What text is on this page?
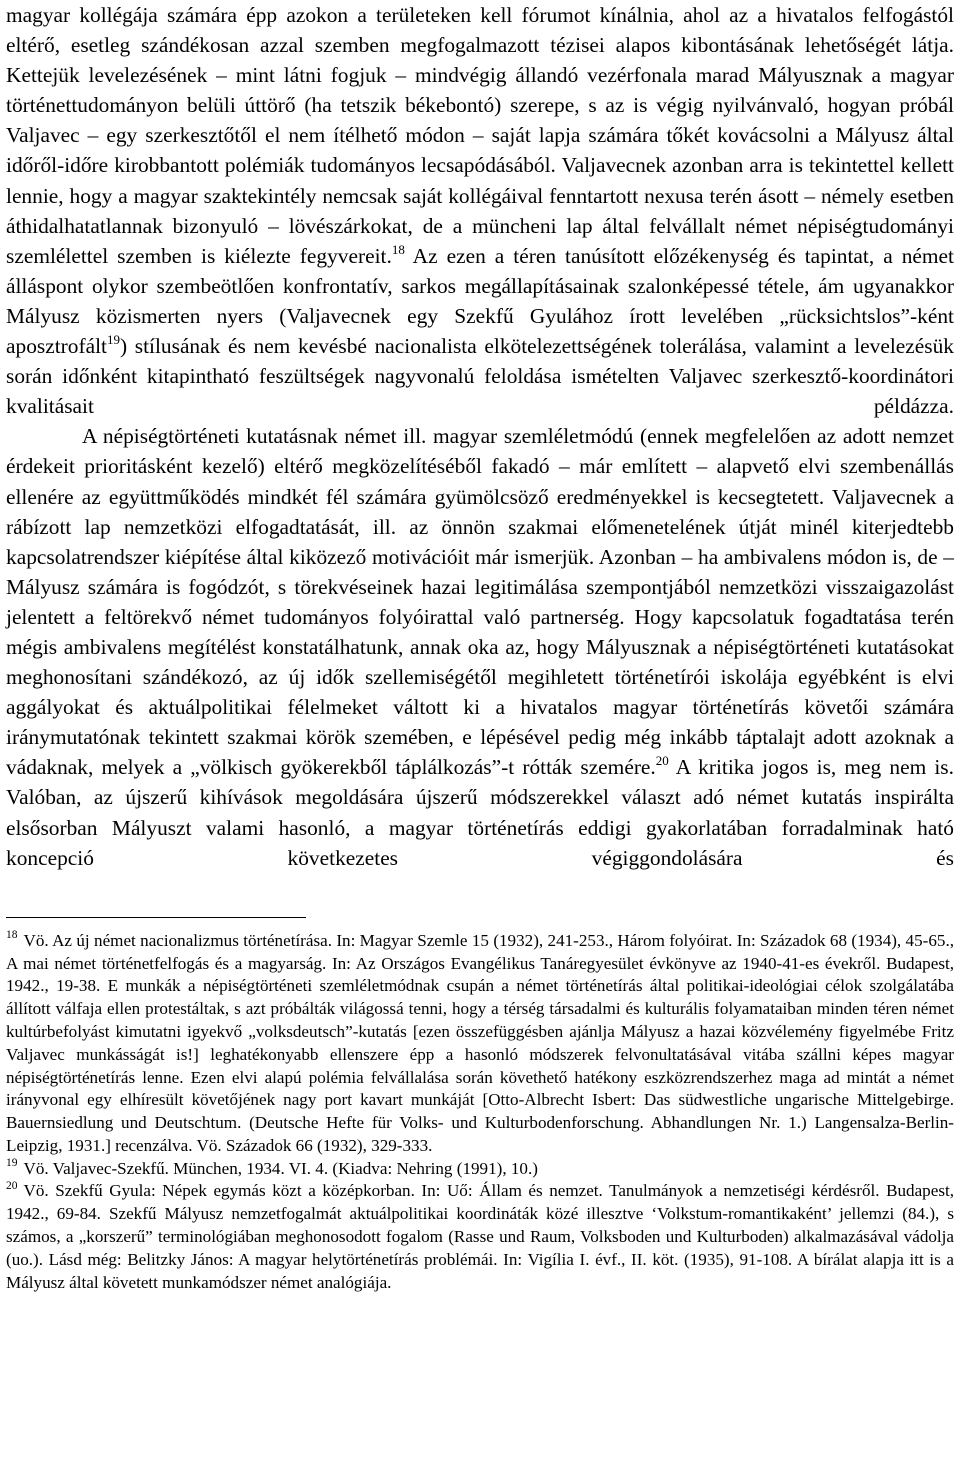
magyar kollégája számára épp azokon a területeken kell fórumot kínálnia, ahol az a hivatalos felfogástól eltérő, esetleg szándékosan azzal szemben megfogalmazott tézisei alapos kibontásának lehetőségét látja. Kettejük levelezésének – mint látni fogjuk – mindvégig állandó vezérfonala marad Mályusznak a magyar történettudományon belüli úttörő (ha tetszik békebontó) szerepe, s az is végig nyilvánvaló, hogyan próbál Valjavec – egy szerkesztőtől el nem ítélhető módon – saját lapja számára tőkét kovácsolni a Mályusz által időről-időre kirobbantott polémiák tudományos lecsapódásából. Valjavecnek azonban arra is tekintettel kellett lennie, hogy a magyar szaktekintély nemcsak saját kollégáival fenntartott nexusa terén ásott – némely esetben áthidalhatatlannak bizonyuló – lövészárkokat, de a müncheni lap által felvállalt német népiségtudományi szemlélettel szemben is kiélezte fegyvereit.$^{18}$ Az ezen a téren tanúsított előzékenység és tapintat, a német álláspont olykor szembeötlően konfrontatív, sarkos megállapításainak szalonképessé tétele, ám ugyanakkor Mályusz közismerten nyers (Valjavecnek egy Szekfű Gyulához írott levelében „rücksichtslos”-ként aposztrofált$^{19}$) stílusának és nem kevésbé nacionalista elkötelezettségének tolerálása, valamint a levelezésük során időnként kitapintható feszültségek nagyvonalú feloldása ismételten Valjavec szerkesztő-koordinátori kvalitásait példázza.

A népiségtörténeti kutatásnak német ill. magyar szemléletmódú (ennek megfelelően az adott nemzet érdekeit prioritásként kezelő) eltérő megközelítéséből fakadó – már említett – alapvető elvi szembenállás ellenére az együttműködés mindkét fél számára gyümölcsöző eredményekkel is kecsegtetett. Valjavecnek a rábízott lap nemzetközi elfogadtatását, ill. az önnön szakmai előmenetelének útját minél kiterjedtebb kapcsolatrendszer kiépítése által kiközező motivációit már ismerjük. Azonban – ha ambivalens módon is, de – Mályusz számára is fogódzót, s törekvéseinek hazai legitimálása szempontjából nemzetközi visszaigazolást jelentett a feltörekvő német tudományos folyóirattal való partnerség. Hogy kapcsolatuk fogadtatása terén mégis ambivalens megítélést konstatálhatunk, annak oka az, hogy Mályusznak a népiségtörténeti kutatásokat meghonosítani szándékozó, az új idők szellemiségétől megihletett történetírói iskolája egyébként is elvi aggályokat és aktuálpolitikai félelmeket váltott ki a hivatalos magyar történetírás követői számára iránymutatónak tekintett szakmai körök szemében, e lépésével pedig még inkább táptalajt adott azoknak a vádaknak, melyek a „völkisch gyökerekből táplálkozás”-t rótták szemére.$^{20}$ A kritika jogos is, meg nem is. Valóban, az újszerű kihívások megoldására újszerű módszerekkel választ adó német kutatás inspirálta elsősorban Mályuszt valami hasonló, a magyar történetírás eddigi gyakorlatában forradalminak ható koncepció következetes végiggondolására és

$^{18}$ Vö. Az új német nacionalizmus történetírása. In: Magyar Szemle 15 (1932), 241-253., Három folyóirat. In: Századok 68 (1934), 45-65., A mai német történetfelfogás és a magyarság. In: Az Országos Evangélikus Tanáregyesület évkönyve az 1940-41-es évekről. Budapest, 1942., 19-38. E munkák a népiségtörténeti szemléletmódnak csupán a német történetírás által politikai-ideológiai célok szolgálatába állított válfaja ellen protestáltak, s azt próbálták világossá tenni, hogy a térség társadalmi és kulturális folyamataiban minden téren német kultúrbefolyást kimutatni igyekvő „volksdeutsch”-kutatás [ezen összefüggésben ajánlja Mályusz a hazai közvélemény figyelmébe Fritz Valjavec munkásságát is!] leghatékonyabb ellenszere épp a hasonló módszerek felvonultatásával vitába szállni képes magyar népiségtörténetírás lenne. Ezen elvi alapú polémia felvállalása során követhető hatékony eszközrendszerhez maga ad mintát a német irányvonal egy elhíresült követőjének nagy port kavart munkáját [Otto-Albrecht Isbert: Das südwestliche ungarische Mittelgebirge. Bauernsiedlung und Deutschtum. (Deutsche Hefte für Volks- und Kulturbodenforschung. Abhandlungen Nr. 1.) Langensalza-Berlin-Leipzig, 1931.] recenzálva. Vö. Századok 66 (1932), 329-333.

$^{19}$ Vö. Valjavec-Szekfű. München, 1934. VI. 4. (Kiadva: Nehring (1991), 10.)

$^{20}$ Vö. Szekfű Gyula: Népek egymás közt a középkorban. In: Uő: Állam és nemzet. Tanulmányok a nemzetiségi kérdésről. Budapest, 1942., 69-84. Szekfű Mályusz nemzetfogalmát aktuálpolitikai koordináták közé illesztve ‘Volkstum-romantikaként’ jellemzi (84.), s számos, a „korszerű” terminológiában meghonosodott fogalom (Rasse und Raum, Volksboden und Kulturboden) alkalmazásával vádolja (uo.). Lásd még: Belitzky János: A magyar helytörténetírás problémái. In: Vigília I. évf., II. köt. (1935), 91-108. A bírálat alapja itt is a Mályusz által követett munkamódszer német analógiája.
